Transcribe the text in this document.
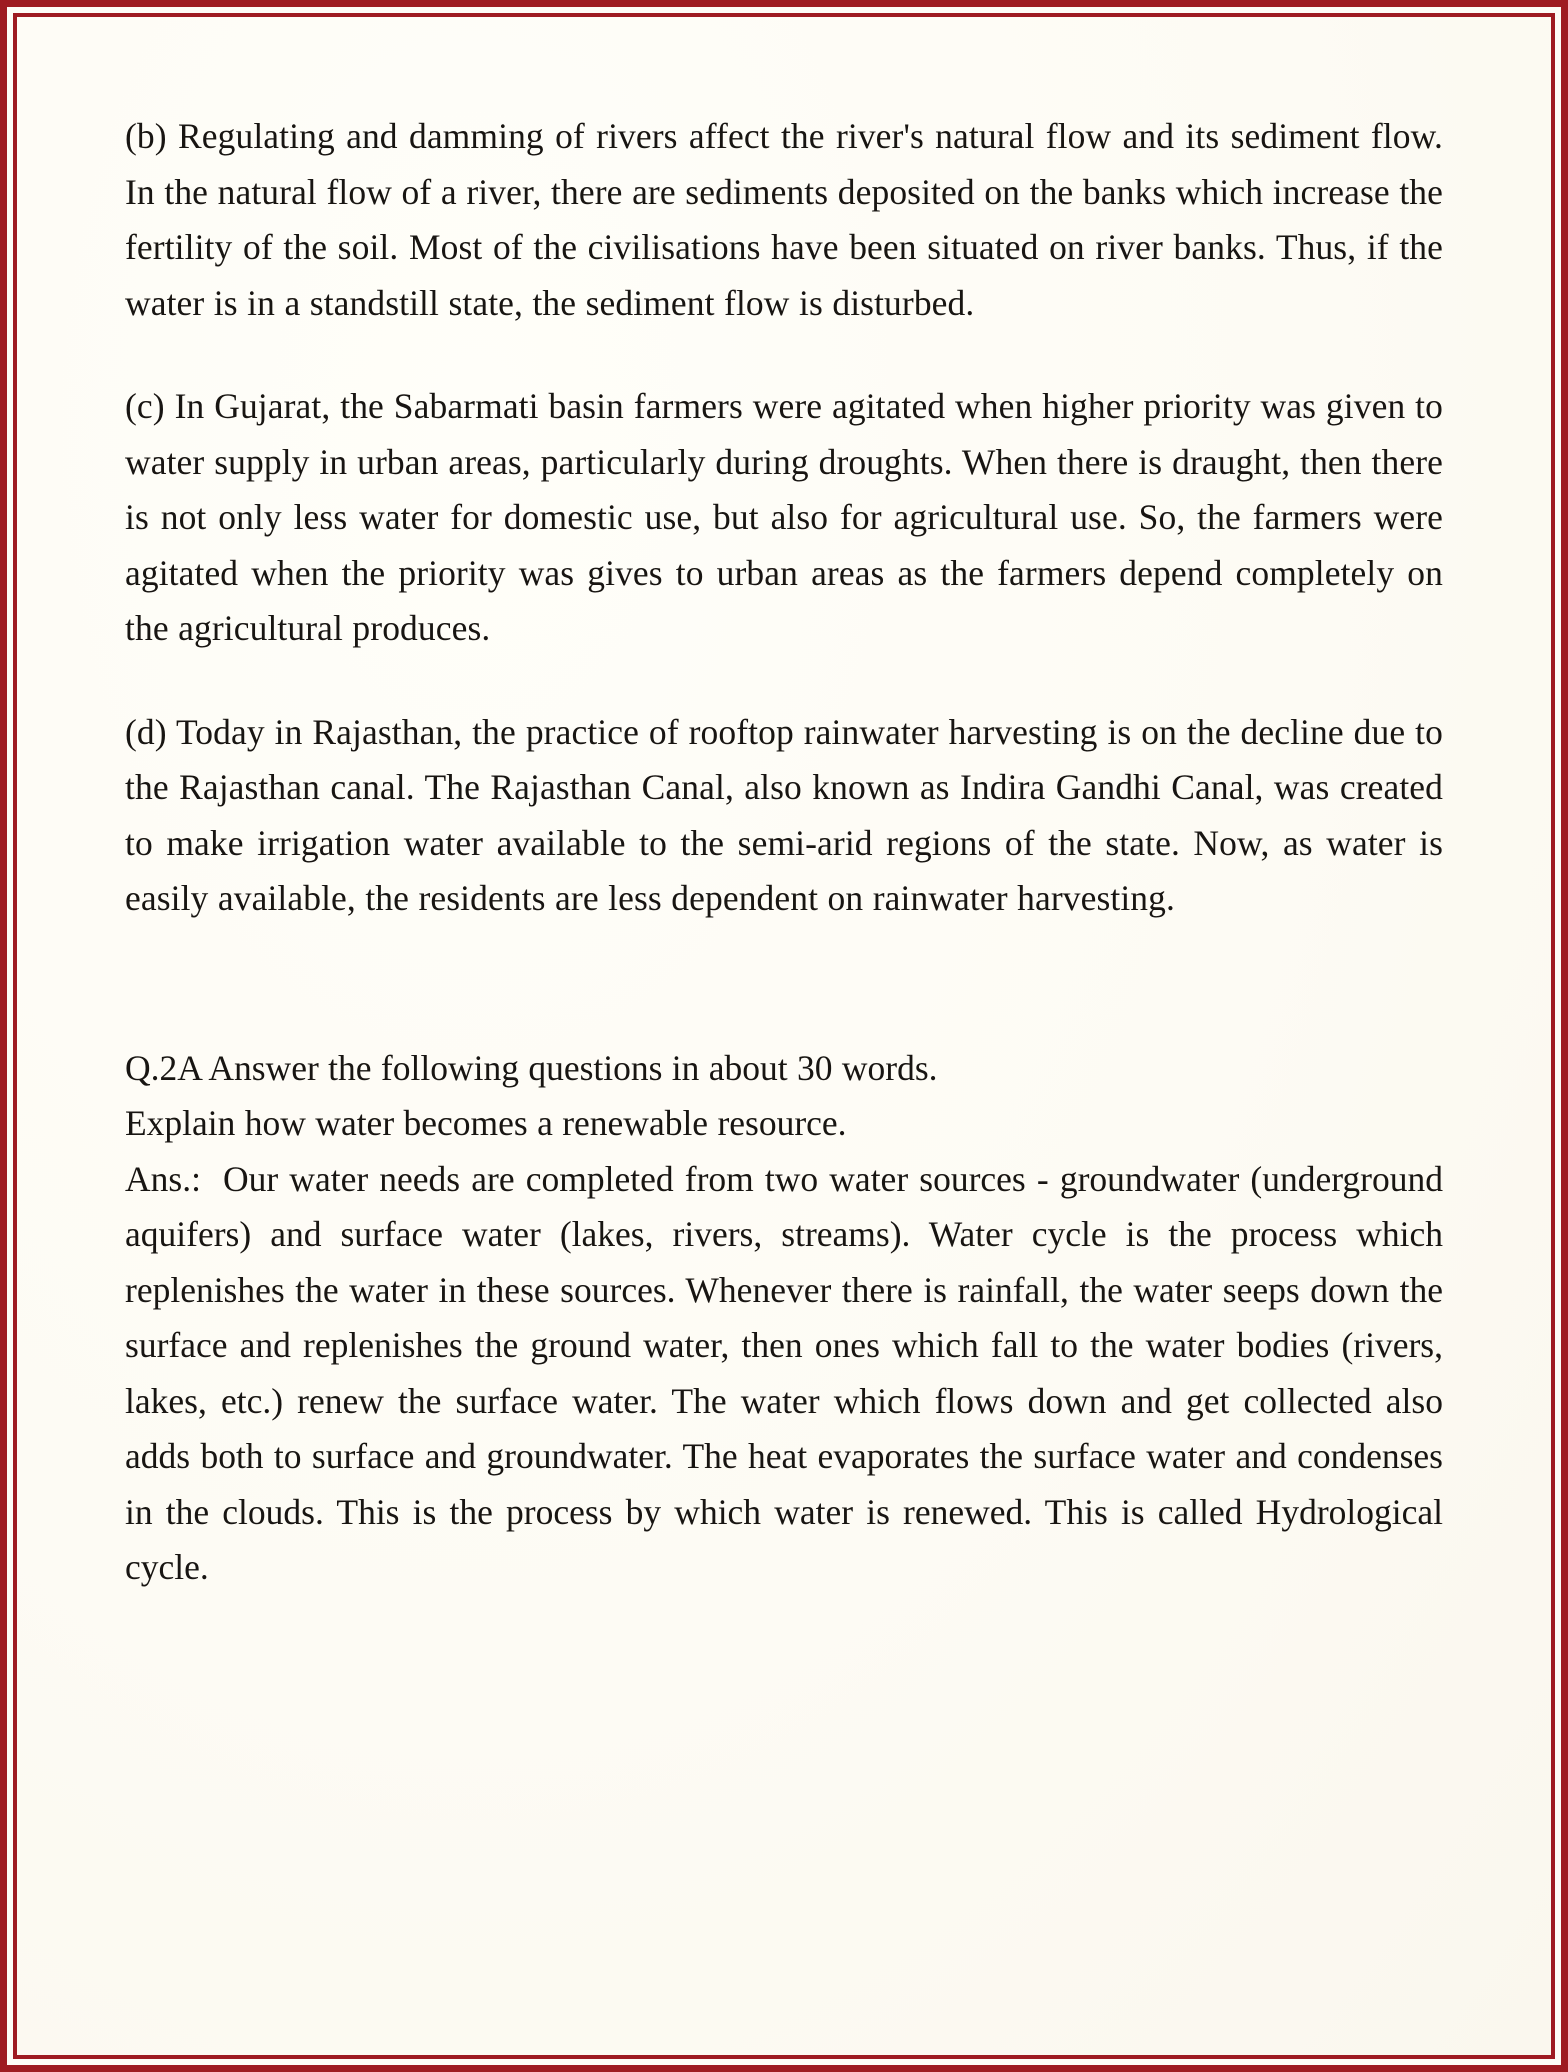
(b) Regulating and damming of rivers affect the river's natural flow and its sediment flow. In the natural flow of a river, there are sediments deposited on the banks which increase the fertility of the soil. Most of the civilisations have been situated on river banks. Thus, if the water is in a standstill state, the sediment flow is disturbed.

(c) In Gujarat, the Sabarmati basin farmers were agitated when higher priority was given to water supply in urban areas, particularly during droughts. When there is draught, then there is not only less water for domestic use, but also for agricultural use. So, the farmers were agitated when the priority was gives to urban areas as the farmers depend completely on the agricultural produces.

(d) Today in Rajasthan, the practice of rooftop rainwater harvesting is on the decline due to the Rajasthan canal. The Rajasthan Canal, also known as Indira Gandhi Canal, was created to make irrigation water available to the semi-arid regions of the state. Now, as water is easily available, the residents are less dependent on rainwater harvesting.

Q.2A Answer the following questions in about 30 words.

Explain how water becomes a renewable resource.

Ans.: Our water needs are completed from two water sources - groundwater (underground aquifers) and surface water (lakes, rivers, streams). Water cycle is the process which replenishes the water in these sources. Whenever there is rainfall, the water seeps down the surface and replenishes the ground water, then ones which fall to the water bodies (rivers, lakes, etc.) renew the surface water. The water which flows down and get collected also adds both to surface and groundwater. The heat evaporates the surface water and condenses in the clouds. This is the process by which water is renewed. This is called Hydrological cycle.
